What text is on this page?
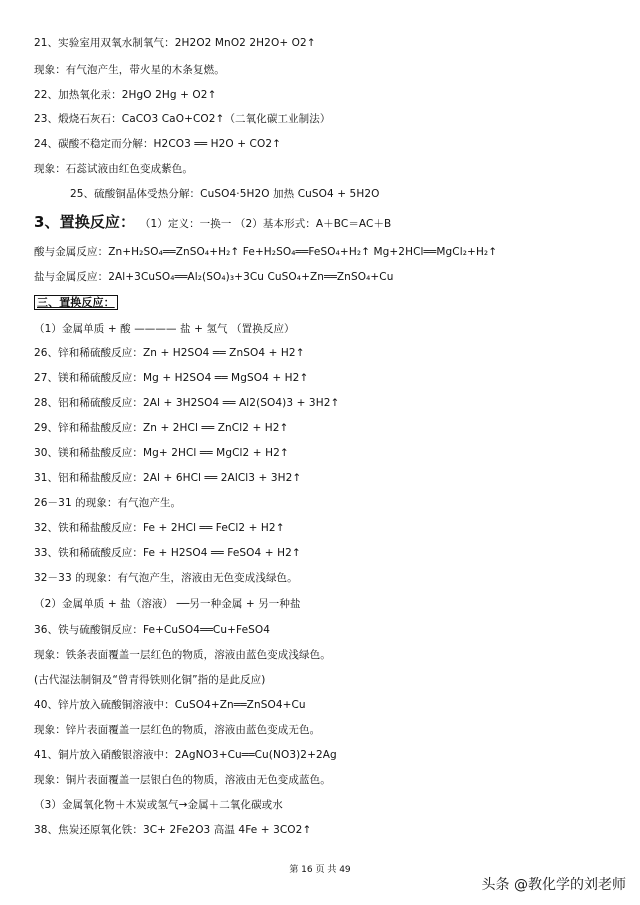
21、实验室用双氧水制氧气：2H2O2 MnO2 2H2O+ O2↑
现象：有气泡产生，带火星的木条复燃。
22、加热氧化汞：2HgO 2Hg + O2↑
23、煅烧石灰石：CaCO3 CaO+CO2↑（二氧化碳工业制法）
24、碳酸不稳定而分解：H2CO3 ══ H2O + CO2↑
现象：石蕊试液由红色变成紫色。
25、硫酸铜晶体受热分解：CuSO4·5H2O 加热 CuSO4 + 5H2O
3、置换反应： （1）定义：一换一 （2）基本形式：A＋BC＝AC＋B
酸与金属反应：Zn+H₂SO₄══ZnSO₄+H₂↑ Fe+H₂SO₄══FeSO₄+H₂↑ Mg+2HCl══MgCl₂+H₂↑
盐与金属反应：2Al+3CuSO₄══Al₂(SO₄)₃+3Cu CuSO₄+Zn══ZnSO₄+Cu
三、置换反应：
（1）金属单质 + 酸 ———— 盐 + 氢气 （置换反应）
26、锌和稀硫酸反应：Zn + H2SO4 ══ ZnSO4 + H2↑
27、镁和稀硫酸反应：Mg + H2SO4 ══ MgSO4 + H2↑
28、铝和稀硫酸反应：2Al + 3H2SO4 ══ Al2(SO4)3 + 3H2↑
29、锌和稀盐酸反应：Zn + 2HCl ══ ZnCl2 + H2↑
30、镁和稀盐酸反应：Mg+ 2HCl ══ MgCl2 + H2↑
31、铝和稀盐酸反应：2Al + 6HCl ══ 2AlCl3 + 3H2↑
26－31 的现象：有气泡产生。
32、铁和稀盐酸反应：Fe + 2HCl ══ FeCl2 + H2↑
33、铁和稀硫酸反应：Fe + H2SO4 ══ FeSO4 + H2↑
32－33 的现象：有气泡产生，溶液由无色变成浅绿色。
（2）金属单质 + 盐（溶液） ──另一种金属 + 另一种盐
36、铁与硫酸铜反应：Fe+CuSO4══Cu+FeSO4
现象：铁条表面覆盖一层红色的物质，溶液由蓝色变成浅绿色。
(古代湿法制铜及“曾青得铁则化铜”指的是此反应)
40、锌片放入硫酸铜溶液中：CuSO4+Zn══ZnSO4+Cu
现象：锌片表面覆盖一层红色的物质，溶液由蓝色变成无色。
41、铜片放入硝酸银溶液中：2AgNO3+Cu══Cu(NO3)2+2Ag
现象：铜片表面覆盖一层银白色的物质，溶液由无色变成蓝色。
（3）金属氧化物＋木炭或氢气→金属＋二氧化碳或水
38、焦炭还原氧化铁：3C+ 2Fe2O3 高温 4Fe + 3CO2↑
第 16 页 共 49
头条 @教化学的刘老师
